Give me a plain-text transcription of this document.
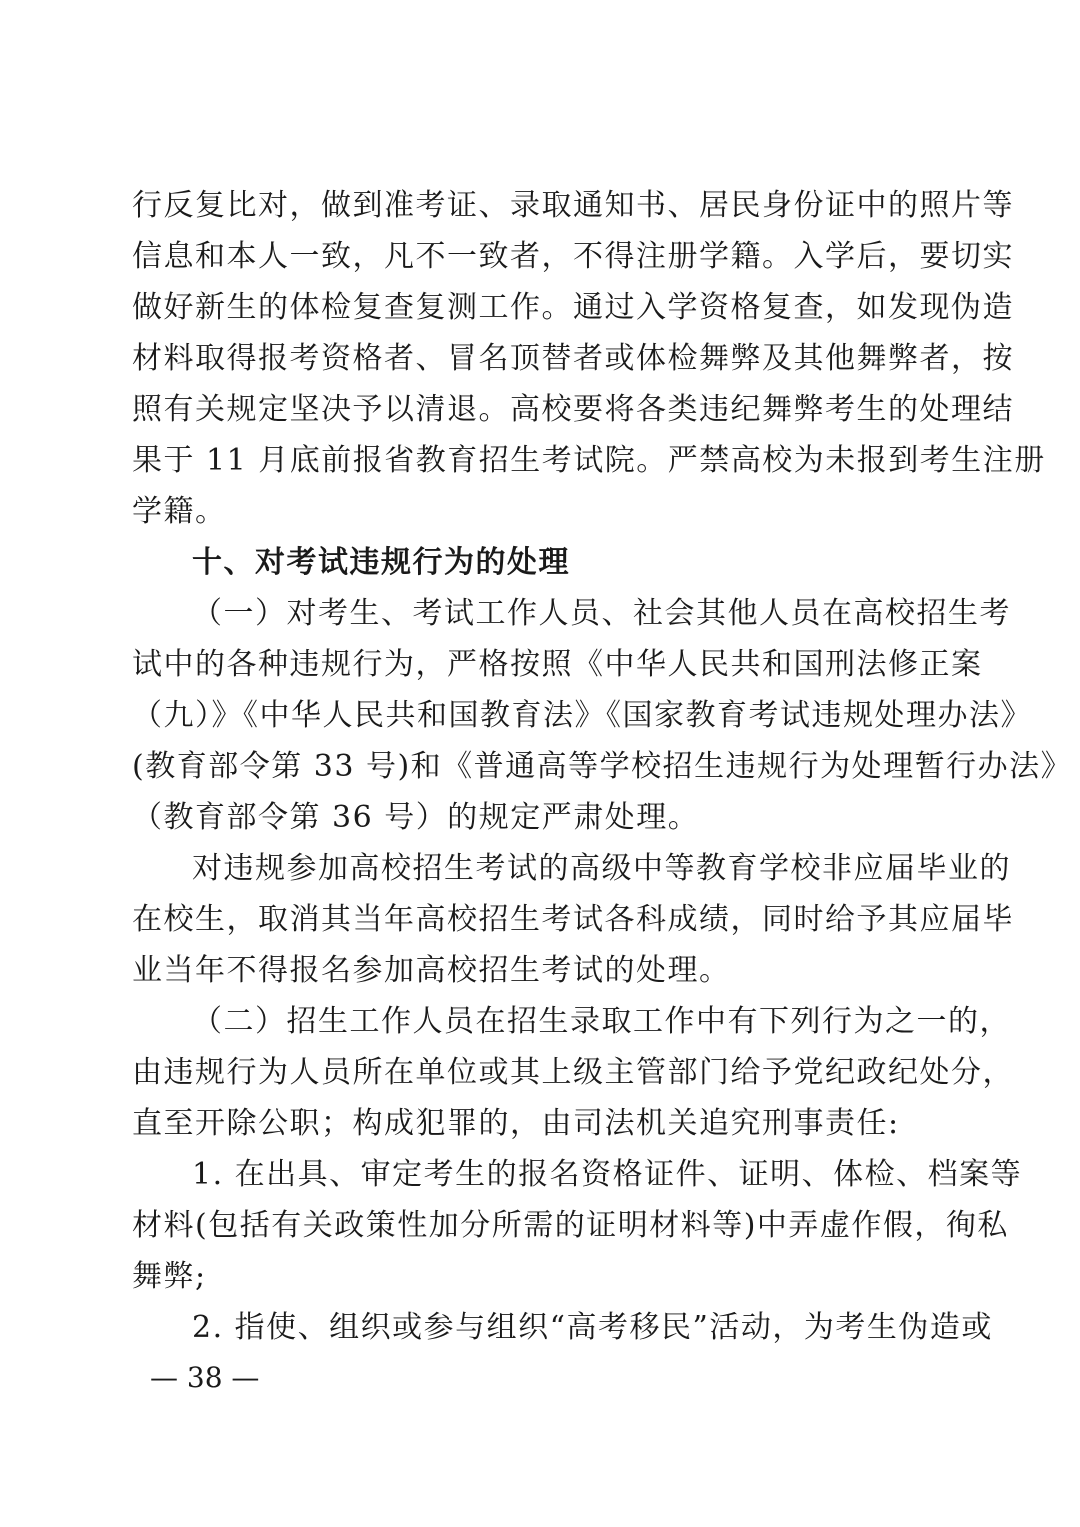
行反复比对，做到准考证、录取通知书、居民身份证中的照片等
信息和本人一致，凡不一致者，不得注册学籍。入学后，要切实
做好新生的体检复查复测工作。通过入学资格复查，如发现伪造
材料取得报考资格者、冒名顶替者或体检舞弊及其他舞弊者，按
照有关规定坚决予以清退。高校要将各类违纪舞弊考生的处理结
果于 11 月底前报省教育招生考试院。严禁高校为未报到考生注册
学籍。
十、对考试违规行为的处理
（一）对考生、考试工作人员、社会其他人员在高校招生考
试中的各种违规行为，严格按照《中华人民共和国刑法修正案
（九）》《中华人民共和国教育法》《国家教育考试违规处理办法》
(教育部令第 33 号)和《普通高等学校招生违规行为处理暂行办法》
（教育部令第 36 号）的规定严肃处理。
对违规参加高校招生考试的高级中等教育学校非应届毕业的
在校生，取消其当年高校招生考试各科成绩，同时给予其应届毕
业当年不得报名参加高校招生考试的处理。
（二）招生工作人员在招生录取工作中有下列行为之一的，
由违规行为人员所在单位或其上级主管部门给予党纪政纪处分，
直至开除公职；构成犯罪的，由司法机关追究刑事责任:
1. 在出具、审定考生的报名资格证件、证明、体检、档案等
材料(包括有关政策性加分所需的证明材料等)中弄虚作假，徇私
舞弊;
2. 指使、组织或参与组织“高考移民”活动，为考生伪造或
— 38 —
